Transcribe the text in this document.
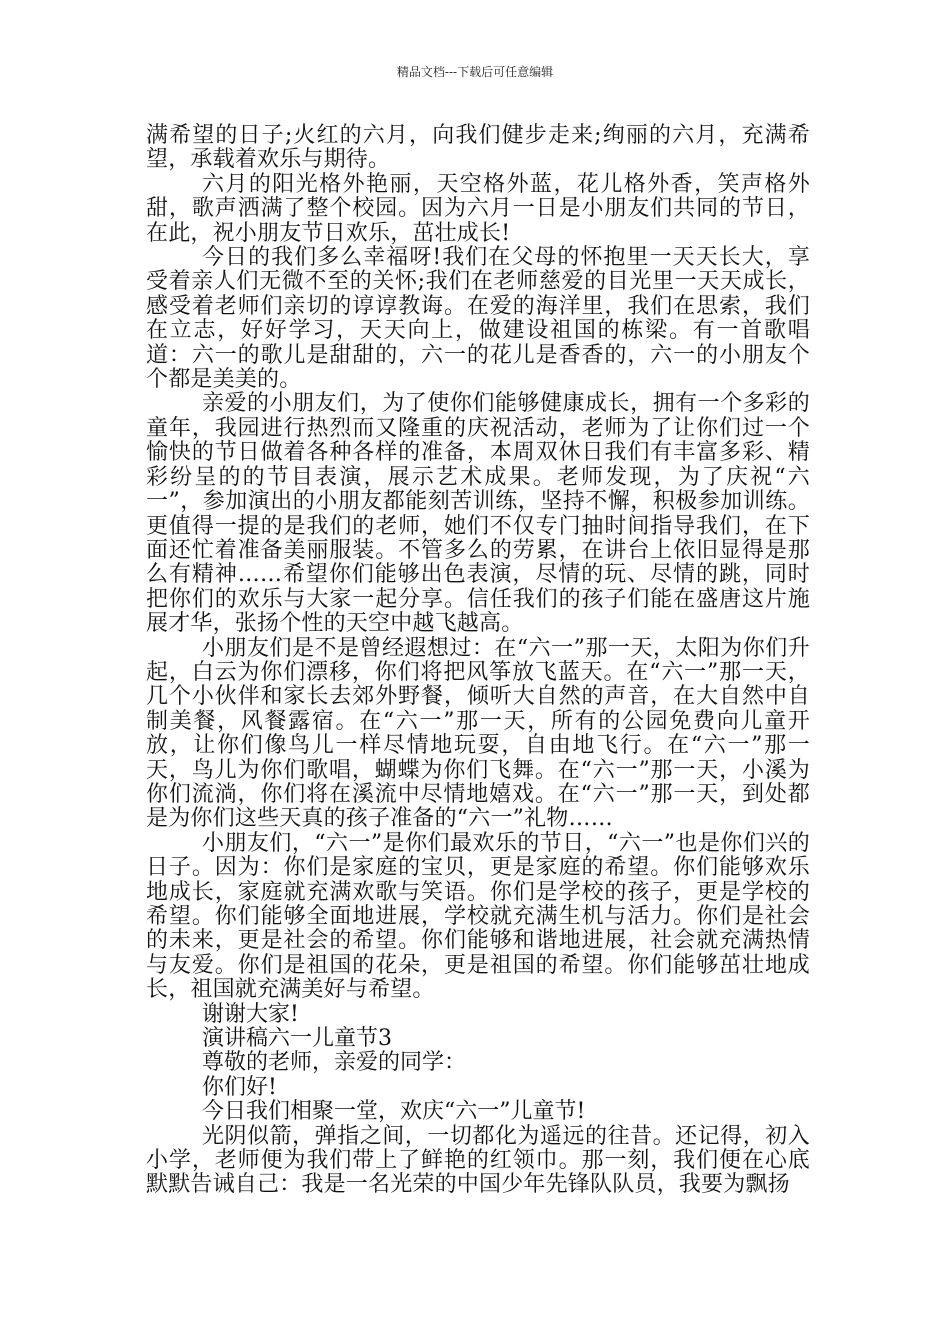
精品文档---下载后可任意编辑

满希望的日子;火红的六月，向我们健步走来;绚丽的六月，充满希望，承载着欢乐与期待。

六月的阳光格外艳丽，天空格外蓝，花儿格外香，笑声格外甜，歌声洒满了整个校园。因为六月一日是小朋友们共同的节日，在此，祝小朋友节日欢乐，茁壮成长!

今日的我们多么幸福呀!我们在父母的怀抱里一天天长大，享受着亲人们无微不至的关怀;我们在老师慈爱的目光里一天天成长，感受着老师们亲切的谆谆教诲。在爱的海洋里，我们在思索，我们在立志，好好学习，天天向上，做建设祖国的栋梁。有一首歌唱道：六一的歌儿是甜甜的，六一的花儿是香香的，六一的小朋友个个都是美美的。

亲爱的小朋友们，为了使你们能够健康成长，拥有一个多彩的童年，我园进行热烈而又隆重的庆祝活动，老师为了让你们过一个愉快的节日做着各种各样的准备，本周双休日我们有丰富多彩、精彩纷呈的的节目表演，展示艺术成果。老师发现，为了庆祝“六一”，参加演出的小朋友都能刻苦训练，坚持不懈，积极参加训练。更值得一提的是我们的老师，她们不仅专门抽时间指导我们，在下面还忙着准备美丽服装。不管多么的劳累，在讲台上依旧显得是那么有精神……希望你们能够出色表演，尽情的玩、尽情的跳，同时把你们的欢乐与大家一起分享。信任我们的孩子们能在盛唐这片施展才华，张扬个性的天空中越飞越高。

小朋友们是不是曾经遐想过：在“六一”那一天，太阳为你们升起，白云为你们漂移，你们将把风筝放飞蓝天。在“六一”那一天，几个小伙伴和家长去郊外野餐，倾听大自然的声音，在大自然中自制美餐，风餐露宿。在“六一”那一天，所有的公园免费向儿童开放，让你们像鸟儿一样尽情地玩耍，自由地飞行。在“六一”那一天，鸟儿为你们歌唱，蝴蝶为你们飞舞。在“六一”那一天，小溪为你们流淌，你们将在溪流中尽情地嬉戏。在“六一”那一天，到处都是为你们这些天真的孩子准备的“六一”礼物……

小朋友们，“六一”是你们最欢乐的节日，“六一”也是你们兴的日子。因为：你们是家庭的宝贝，更是家庭的希望。你们能够欢乐地成长，家庭就充满欢歌与笑语。你们是学校的孩子，更是学校的希望。你们能够全面地进展，学校就充满生机与活力。你们是社会的未来，更是社会的希望。你们能够和谐地进展，社会就充满热情与友爱。你们是祖国的花朵，更是祖国的希望。你们能够茁壮地成长，祖国就充满美好与希望。

谢谢大家!

演讲稿六一儿童节3

尊敬的老师，亲爱的同学：

你们好!

今日我们相聚一堂，欢庆“六一”儿童节!

光阴似箭，弹指之间，一切都化为遥远的往昔。还记得，初入小学，老师便为我们带上了鲜艳的红领巾。那一刻，我们便在心底默默告诫自己：我是一名光荣的中国少年先锋队队员，我要为飘扬
